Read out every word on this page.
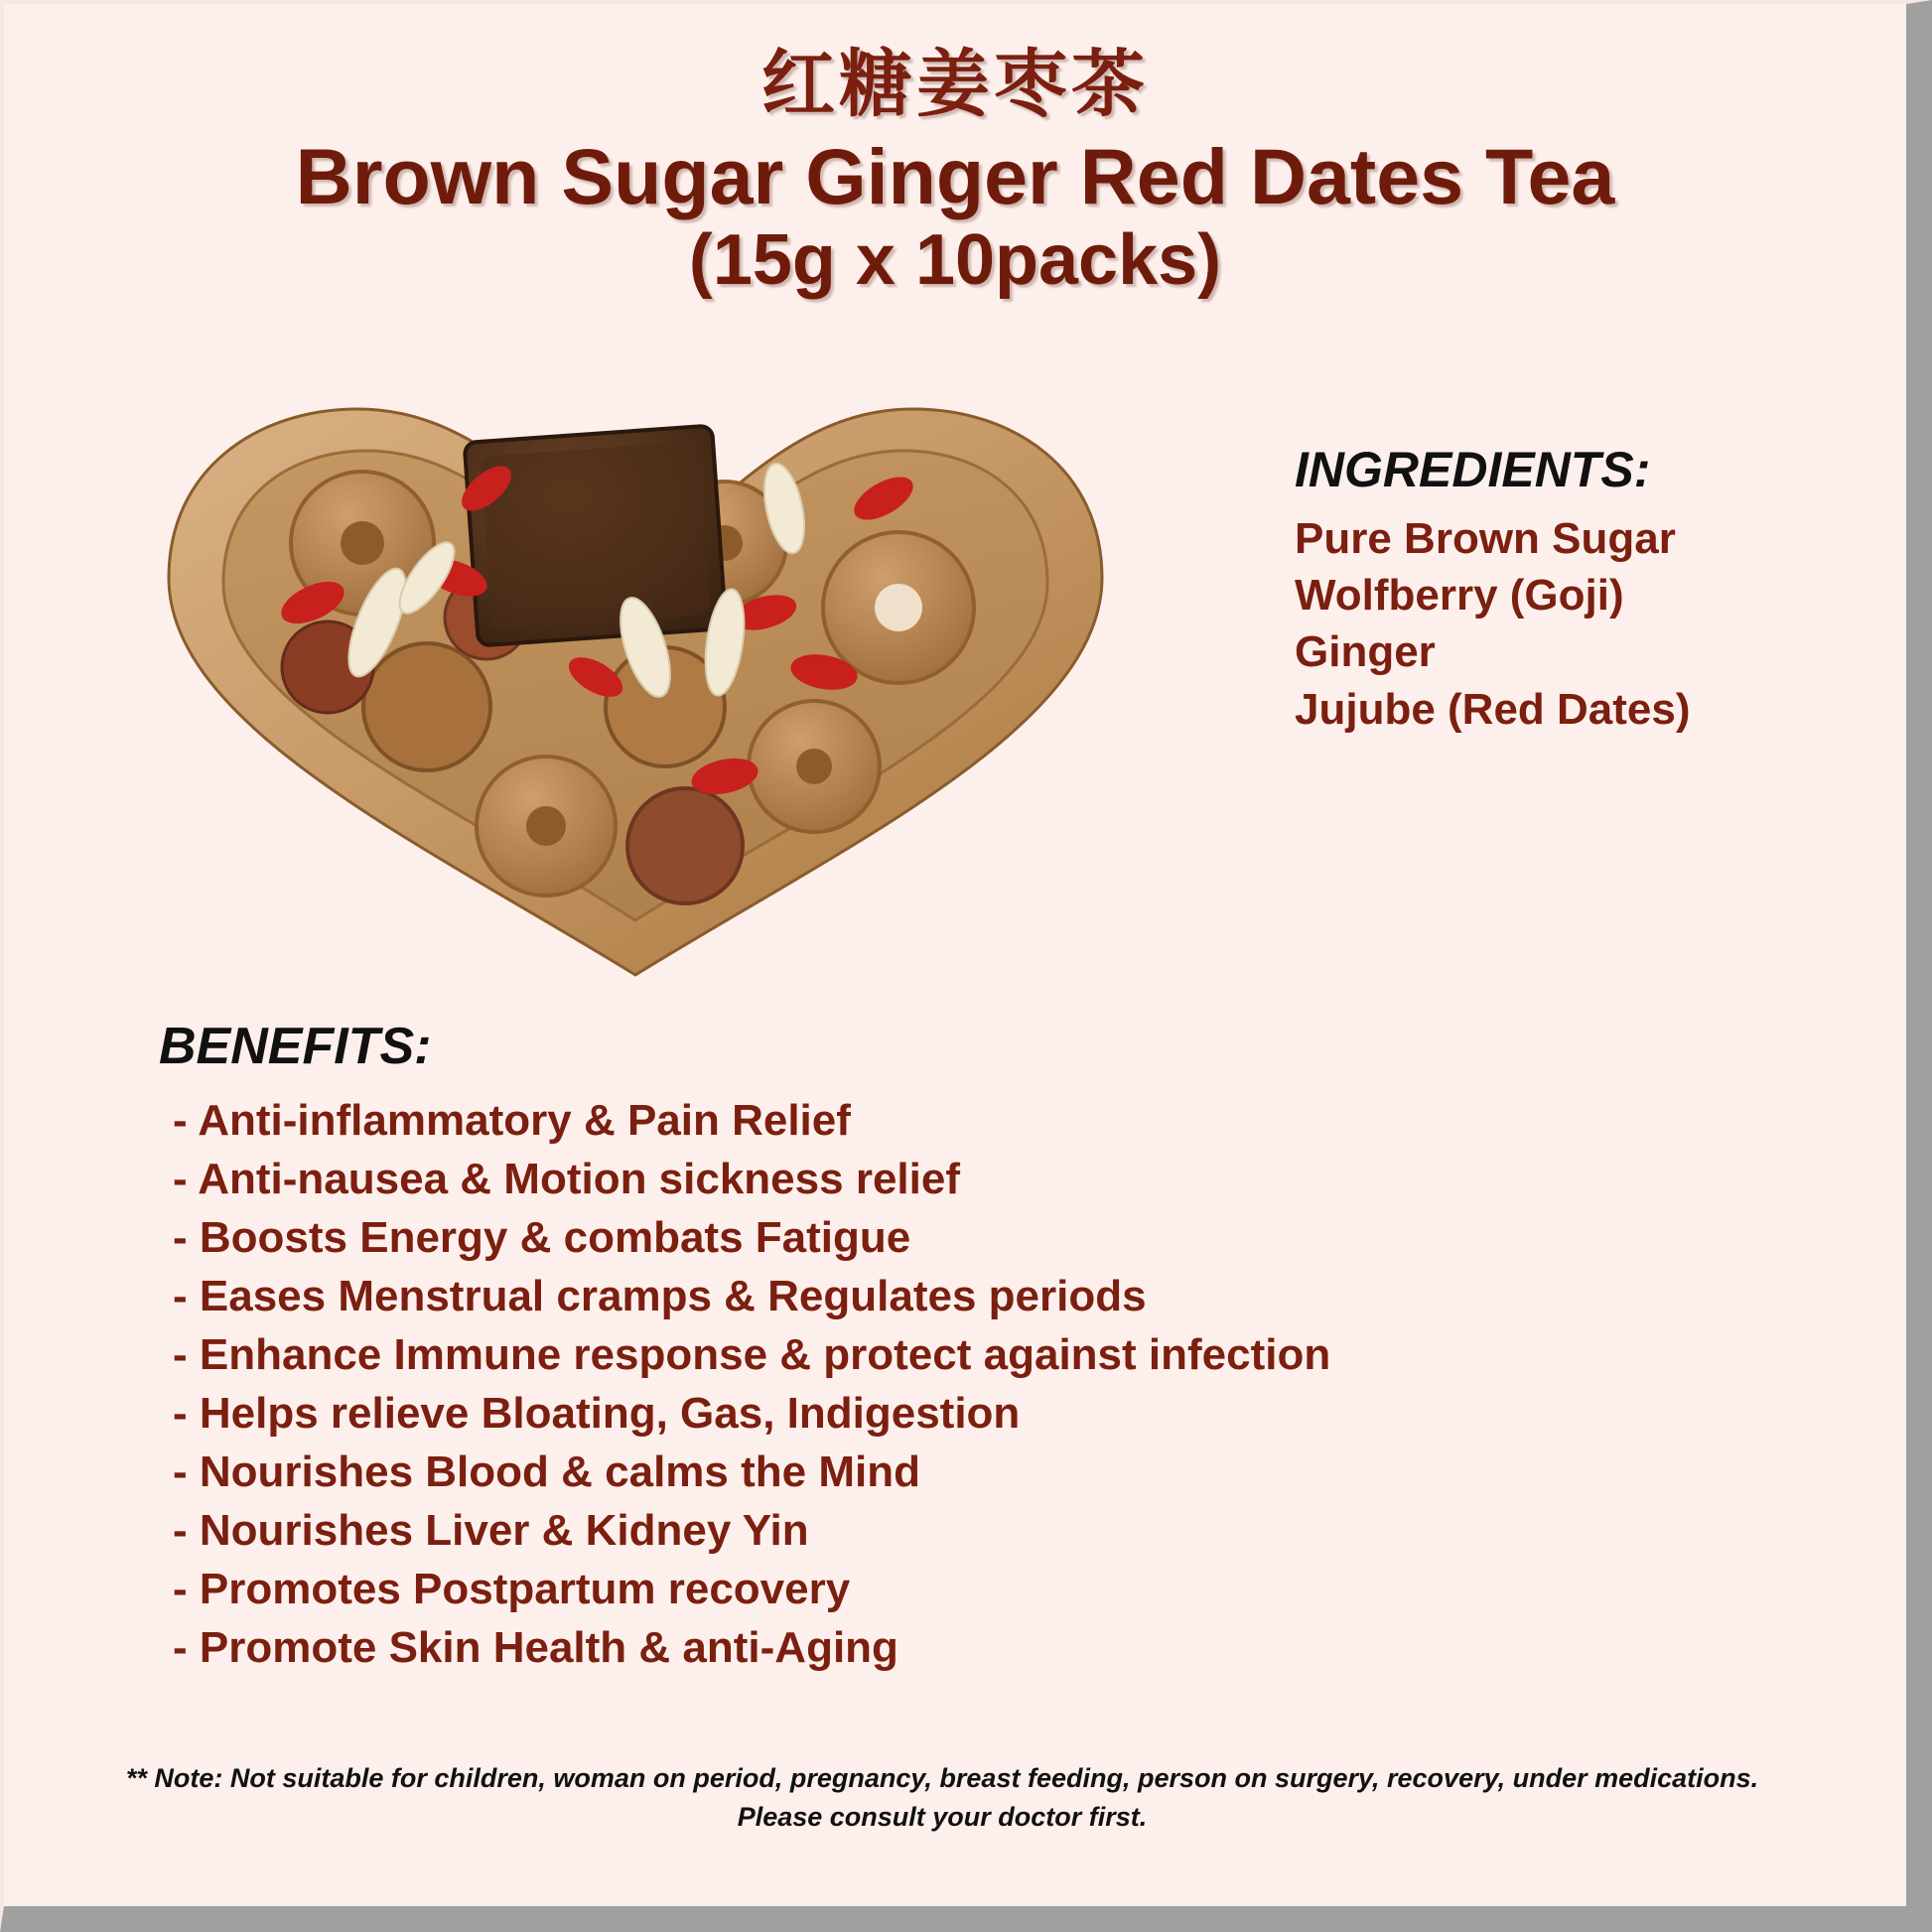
红糖姜枣茶
Brown Sugar Ginger Red Dates Tea
(15g x 10packs)
INGREDIENTS:
Pure Brown Sugar
Wolfberry (Goji)
Ginger
Jujube (Red Dates)
BENEFITS:
- Anti-inflammatory & Pain Relief
- Anti-nausea & Motion sickness relief
- Boosts Energy & combats Fatigue
- Eases Menstrual cramps & Regulates periods
- Enhance Immune response & protect against infection
- Helps relieve Bloating, Gas, Indigestion
- Nourishes Blood & calms the Mind
- Nourishes Liver & Kidney Yin
- Promotes Postpartum recovery
- Promote Skin Health & anti-Aging
** Note: Not suitable for children, woman on period, pregnancy, breast feeding, person on surgery, recovery, under medications.
Please consult your doctor first.
